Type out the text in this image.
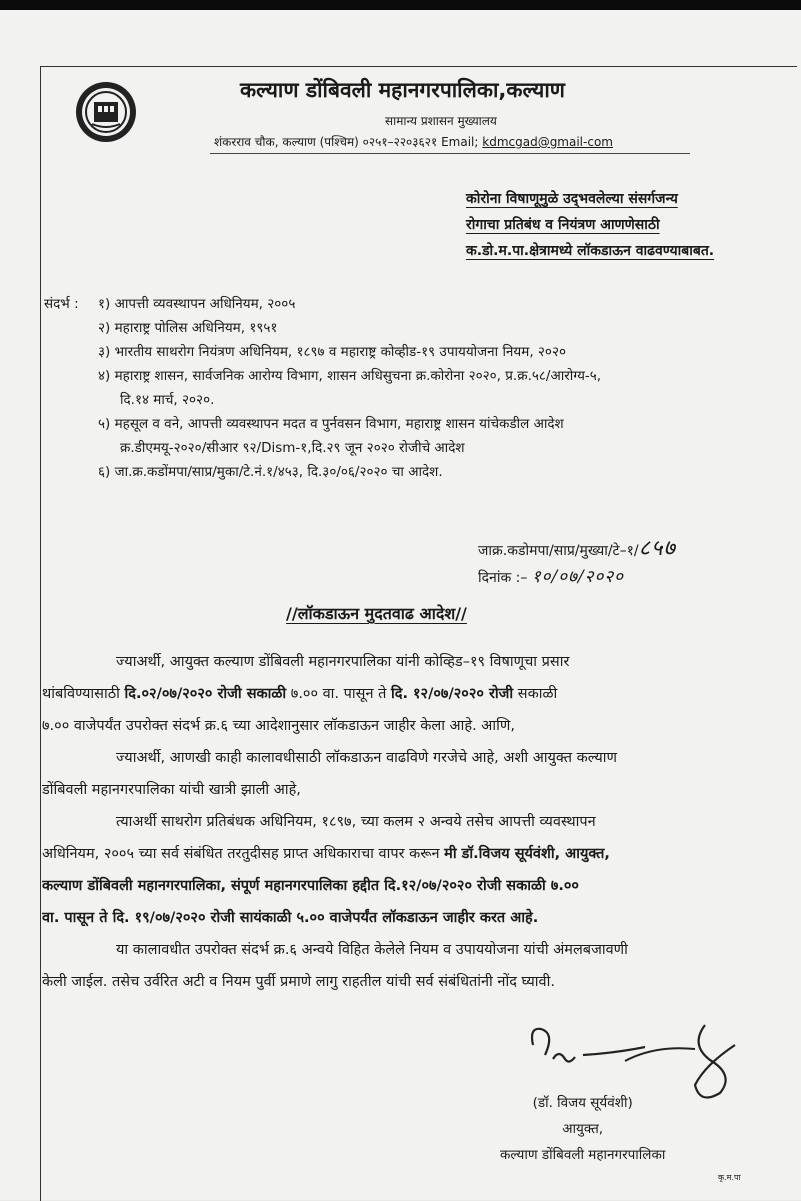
कल्याण डोंबिवली महानगरपालिका,कल्याण
सामान्य प्रशासन मुख्यालय
शंकरराव चौक, कल्याण (पश्चिम) ०२५१–२२०३६२१ Email; kdmcgad@gmail-com
कोरोना विषाणूमुळे उद्‌भवलेल्या संसर्गजन्य
रोगाचा प्रतिबंध व नियंत्रण आणणेसाठी
क.डो.म.पा.क्षेत्रामध्ये लॉकडाऊन वाढवण्याबाबत.
संदर्भ : १) आपत्ती व्यवस्थापन अधिनियम, २००५
२) महाराष्ट्र पोलिस अधिनियम, १९५१
३) भारतीय साथरोग नियंत्रण अधिनियम, १८९७ व महाराष्ट्र कोव्हीड-१९ उपाययोजना नियम, २०२०
४) महाराष्ट्र शासन, सार्वजनिक आरोग्य विभाग, शासन अधिसुचना क्र.कोरोना २०२०, प्र.क्र.५८/आरोग्य-५,
दि.१४ मार्च, २०२०.
५) महसूल व वने, आपत्ती व्यवस्थापन मदत व पुर्नवसन विभाग, महाराष्ट्र शासन यांचेकडील आदेश
क्र.डीएमयू-२०२०/सीआर ९२/Dism-१,दि.२९ जून २०२० रोजीचे आदेश
६) जा.क्र.कडोंमपा/साप्र/मुका/टे.नं.१/४५३, दि.३०/०६/२०२० चा आदेश.
जाक्र.कडोमपा/साप्र/मुख्या/टे–१/८५७
दिनांक :– १०/०७/२०२०
//लॉकडाऊन मुदतवाढ आदेश//
ज्याअर्थी, आयुक्त कल्याण डोंबिवली महानगरपालिका यांनी कोव्हिड–१९ विषाणूचा प्रसार
थांबविण्यासाठी दि.०२/०७/२०२० रोजी सकाळी ७.०० वा. पासून ते दि. १२/०७/२०२० रोजी सकाळी
७.०० वाजेपर्यंत उपरोक्त संदर्भ क्र.६ च्या आदेशानुसार लॉकडाऊन जाहीर केला आहे. आणि,
ज्याअर्थी, आणखी काही कालावधीसाठी लॉकडाऊन वाढविणे गरजेचे आहे, अशी आयुक्त कल्याण
डोंबिवली महानगरपालिका यांची खात्री झाली आहे,
त्याअर्थी साथरोग प्रतिबंधक अधिनियम, १८९७, च्या कलम २ अन्वये तसेच आपत्ती व्यवस्थापन
अधिनियम, २००५ च्या सर्व संबंधित तरतुदीसह प्राप्त अधिकाराचा वापर करून मी डॉ.विजय सूर्यवंशी, आयुक्त,
कल्याण डोंबिवली महानगरपालिका, संपूर्ण महानगरपालिका हद्दीत दि.१२/०७/२०२० रोजी सकाळी ७.००
वा. पासून ते दि. १९/०७/२०२० रोजी सायंकाळी ५.०० वाजेपर्यंत लॉकडाऊन जाहीर करत आहे.
या कालावधीत उपरोक्त संदर्भ क्र.६ अन्वये विहित केलेले नियम व उपाययोजना यांची अंमलबजावणी
केली जाईल. तसेच उर्वरित अटी व नियम पुर्वी प्रमाणे लागु राहतील यांची सर्व संबंधितांनी नोंद घ्यावी.
(डॉ. विजय सूर्यवंशी)
आयुक्त,
कल्याण डोंबिवली महानगरपालिका
कृ.म.पा
